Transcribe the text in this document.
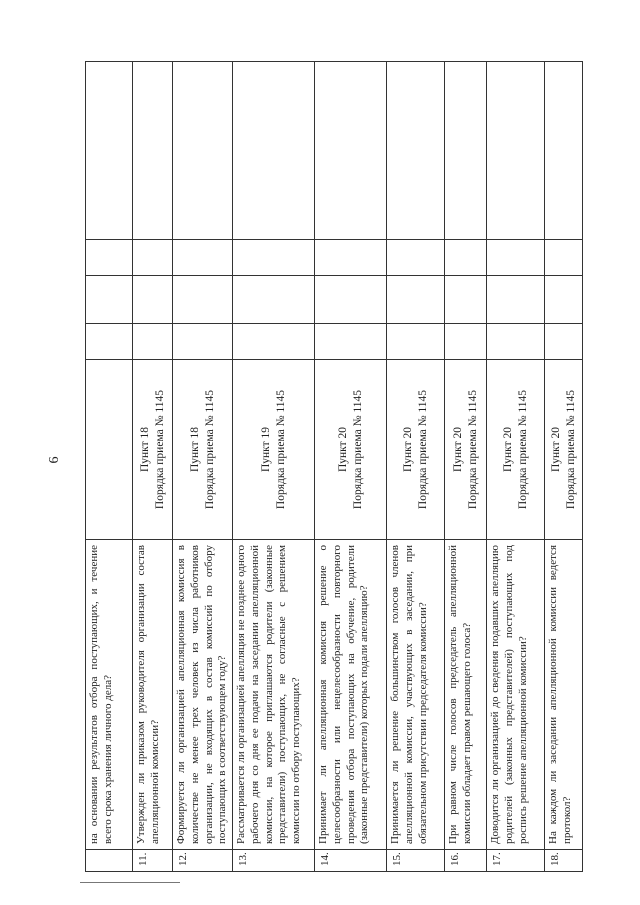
6
	на основании результатов отбора поступающих, и течение всего срока хранения личного дела?					
11.	Утвержден ли приказом руководителя организации состав апелляционной комиссии?	Пункт 18 Порядка приема № 1145				

12.	Формируется ли организацией апелляционная комиссия в количестве не менее трех человек из числа работников организации, не входящих в состав комиссий по отбору поступающих в соответствующем году?	Пункт 18 Порядка приема № 1145				

13.	Рассматривается ли организацией апелляция не позднее одного рабочего дня со дня ее подачи на заседании апелляционной комиссии, на которое приглашаются родители (законные представители) поступающих, не согласные с решением комиссии по отбору поступающих?	Пункт 19 Порядка приема № 1145				

14.	Принимает ли апелляционная комиссия решение о целесообразности или нецелесообразности повторного проведения отбора поступающих на обучение, родители (законные представители) которых подали апелляцию?	Пункт 20 Порядка приема № 1145				

15.	Принимается ли решение большинством голосов членов апелляционной комиссии, участвующих в заседании, при обязательном присутствии председателя комиссии?	Пункт 20 Порядка приема № 1145				

16.	При равном числе голосов председатель апелляционной комиссии обладает правом решающего голоса?	Пункт 20 Порядка приема № 1145				

17.	Доводится ли организацией до сведения подавших апелляцию родителей (законных представителей) поступающих под роспись решение апелляционной комиссии?	Пункт 20 Порядка приема № 1145				

18.	На каждом ли заседании апелляционной комиссии ведется протокол?	Пункт 20 Порядка приема № 1145				
